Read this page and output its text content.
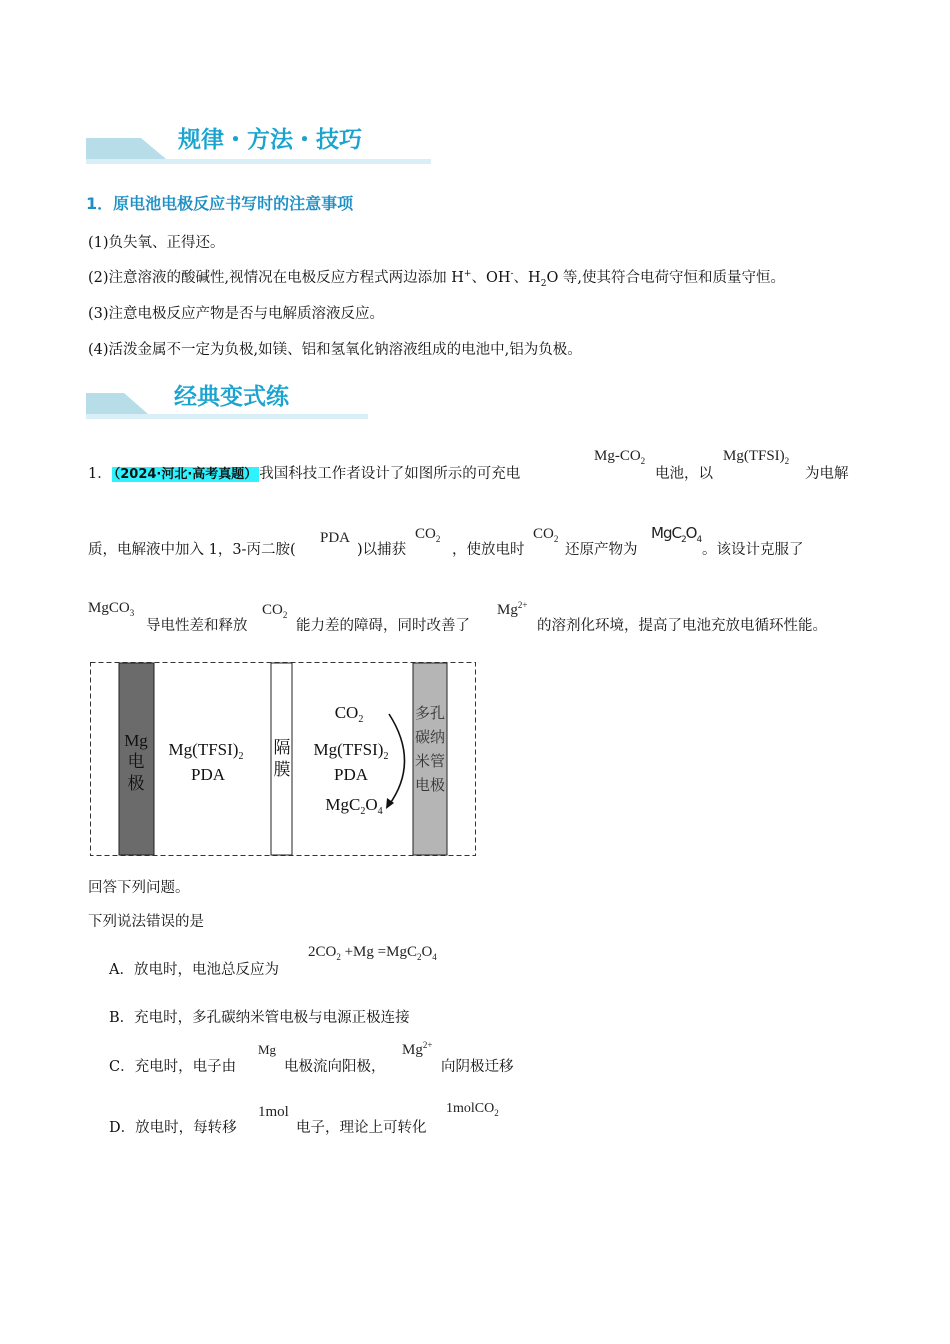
规律・方法・技巧
1．原电池电极反应书写时的注意事项
(1)负失氧、正得还。
(2)注意溶液的酸碱性,视情况在电极反应方程式两边添加 H+、OH-、$H_2O$ 等,使其符合电荷守恒和质量守恒。
(3)注意电极反应产物是否与电解质溶液反应。
(4)活泼金属不一定为负极,如镁、铝和氢氧化钠溶液组成的电池中,铝为负极。
经典变式练
1． （2024·河北·高考真题） 我国科技工作者设计了如图所示的可充电
$Mg-CO_2$
电池，以
$Mg(TFSI)_2$
为电解
质，电解液中加入 1，3-丙二胺(
PDA
)以捕获
$CO_2$
，使放电时
$CO_2$
还原产物为
$MgC_2O_4$
。该设计克服了
MgCO$_3$
导电性差和释放
$CO_2$
能力差的障碍，同时改善了
$Mg^{2+}$
的溶剂化环境，提高了电池充放电循环性能。
Mg
电
极
$Mg(TFSI)_2$
PDA
隔
膜
$CO_2$
$Mg(TFSI)_2$
PDA
$MgC_2O_4$
多孔
碳纳
米管
电极
回答下列问题。
下列说法错误的是
A．放电时，电池总反应为
$2CO_2 +Mg =MgC_2O_4$
B．充电时，多孔碳纳米管电极与电源正极连接
C．充电时，电子由
Mg
电极流向阳极，
$Mg^{2+}$
向阴极迁移
D．放电时，每转移
1mol
电子，理论上可转化
1molCO$_2$
